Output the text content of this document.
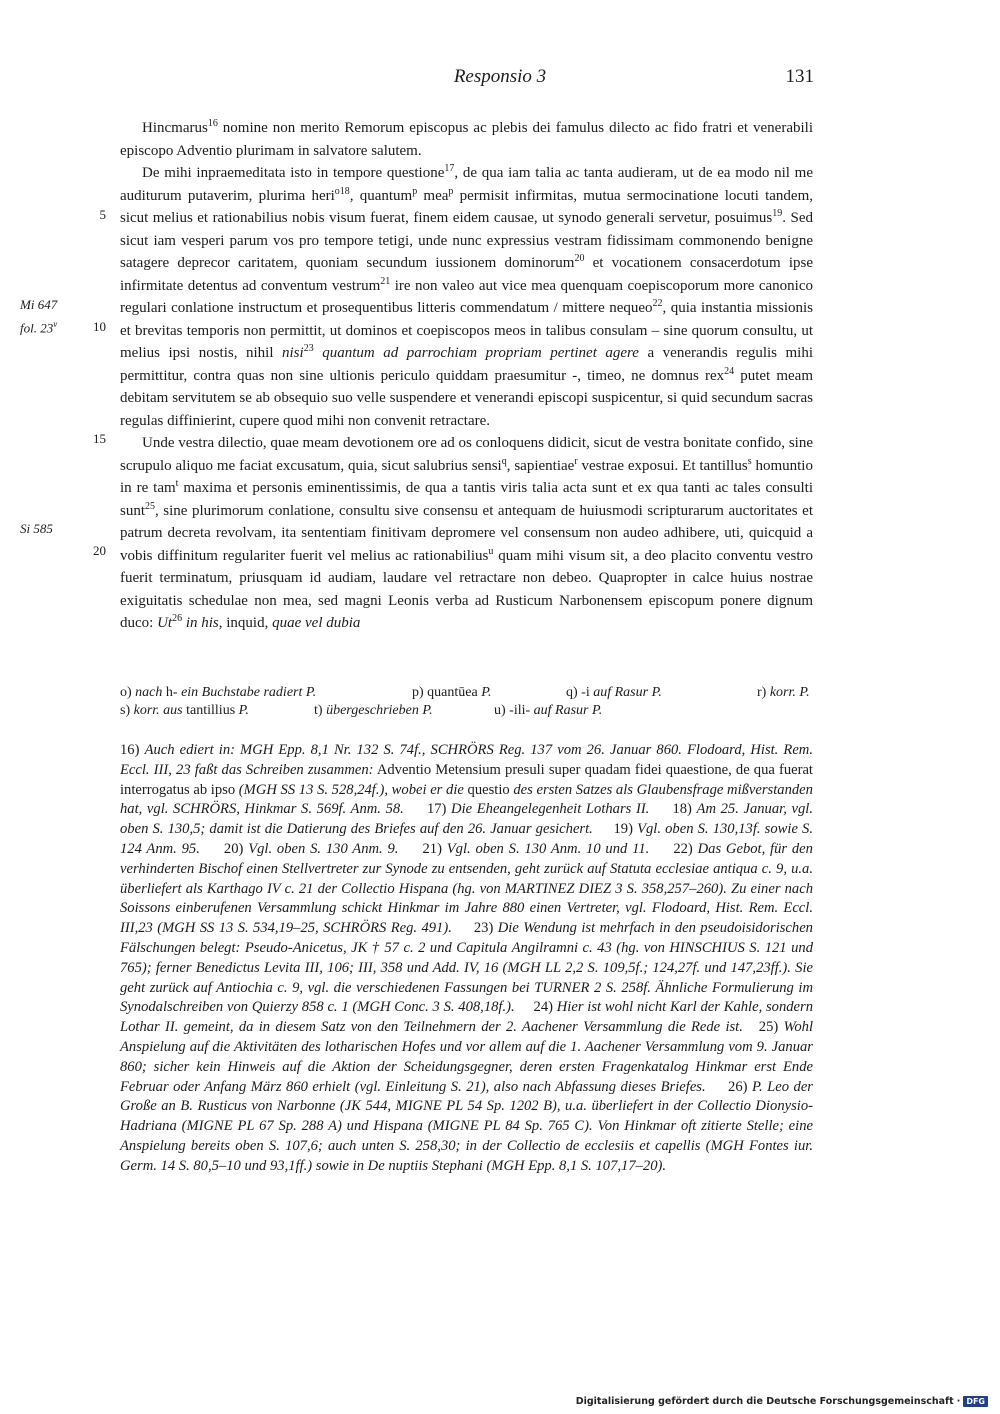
Responsio 3	131
5
10
15
20
Mi 647
fol. 23$^v$
Si 585

Hincmarus$^{16}$ nomine non merito Remorum episcopus ac plebis dei famulus dilecto ac fido fratri et venerabili episcopo Adventio plurimam in salvatore salutem.

De mihi inpraemeditata isto in tempore questione$^{17}$, de qua iam talia ac tanta audieram, ut de ea modo nil me auditurum putaverim, plurima heri$^{o18}$, quantum$^p$ mea$^p$ permisit infirmitas, mutua sermocinatione locuti tandem, sicut melius et rationabilius nobis visum fuerat, finem eidem causae, ut synodo generali servetur, posuimus$^{19}$. Sed sicut iam vesperi parum vos pro tempore tetigi, unde nunc expressius vestram fidissimam commonendo benigne satagere deprecor caritatem, quoniam secundum iussionem dominorum$^{20}$ et vocationem consacerdotum ipse infirmitate detentus ad conventum vestrum$^{21}$ ire non valeo aut vice mea quenquam coepiscoporum more canonico regulari conlatione instructum et prosequentibus litteris commendatum / mittere nequeo$^{22}$, quia instantia missionis et brevitas temporis non permittit, ut dominos et coepiscopos meos in talibus consulam – sine quorum consultu, ut melius ipsi nostis, nihil nisi$^{23}$ quantum ad parrochiam propriam pertinet agere a venerandis regulis mihi permittitur, contra quas non sine ultionis periculo quiddam praesumitur -, timeo, ne domnus rex$^{24}$ putet meam debitam servitutem se ab obsequio suo velle suspendere et venerandi episcopi suspicentur, si quid secundum sacras regulas diffinierint, cupere quod mihi non convenit retractare.

Unde vestra dilectio, quae meam devotionem ore ad os conloquens didicit, sicut de vestra bonitate confido, sine scrupulo aliquo me faciat excusatum, quia, sicut salubrius sensi$^q$, sapientiae$^r$ vestrae exposui. Et tantillus$^s$ homuntio in re tam$^t$ maxima et personis eminentissimis, de qua a tantis viris talia acta sunt et ex qua tanti ac tales consulti sunt$^{25}$, sine plurimorum conlatione, consultu sive consensu et antequam de huiusmodi scripturarum auctoritates et patrum decreta revolvam, ita sententiam finitivam depromere vel consensum non audeo adhibere, uti, quicquid a vobis diffinitum regulariter fuerit vel melius ac rationabilius$^u$ quam mihi visum sit, a deo placito conventu vestro fuerit terminatum, priusquam id audiam, laudare vel retractare non debeo. Quapropter in calce huius nostrae exiguitatis schedulae non mea, sed magni Leonis verba ad Rusticum Narbonensem episcopum ponere dignum duco: Ut$^{26}$ in his, inquid, quae vel dubia

o) nach h- ein Buchstabe radiert P.	p) quantūea P.	q) -i auf Rasur P.	r) korr. P.
s) korr. aus tantillius P.	t) übergeschrieben P.	u) -ili- auf Rasur P.
16) Auch ediert in: MGH Epp. 8,1 Nr. 132 S. 74f., SCHRÖRS Reg. 137 vom 26. Januar 860. Flodoard, Hist. Rem. Eccl. III, 23 faßt das Schreiben zusammen: Adventio Metensium presuli super quadam fidei quaestione, de qua fuerat interrogatus ab ipso (MGH SS 13 S. 528,24f.), wobei er die questio des ersten Satzes als Glaubensfrage mißverstanden hat, vgl. SCHRÖRS, Hinkmar S. 569f. Anm. 58. 17) Die Eheangelegenheit Lothars II. 18) Am 25. Januar, vgl. oben S. 130,5; damit ist die Datierung des Briefes auf den 26. Januar gesichert. 19) Vgl. oben S. 130,13f. sowie S. 124 Anm. 95. 20) Vgl. oben S. 130 Anm. 9. 21) Vgl. oben S. 130 Anm. 10 und 11. 22) Das Gebot, für den verhinderten Bischof einen Stellvertreter zur Synode zu entsenden, geht zurück auf Statuta ecclesiae antiqua c. 9, u.a. überliefert als Karthago IV c. 21 der Collectio Hispana (hg. von MARTINEZ DIEZ 3 S. 358,257–260). Zu einer nach Soissons einberufenen Versammlung schickt Hinkmar im Jahre 880 einen Vertreter, vgl. Flodoard, Hist. Rem. Eccl. III,23 (MGH SS 13 S. 534,19–25, SCHRÖRS Reg. 491). 23) Die Wendung ist mehrfach in den pseudoisidorischen Fälschungen belegt: Pseudo-Anicetus, JK † 57 c. 2 und Capitula Angilramni c. 43 (hg. von HINSCHIUS S. 121 und 765); ferner Benedictus Levita III, 106; III, 358 und Add. IV, 16 (MGH LL 2,2 S. 109,5f.; 124,27f. und 147,23ff.). Sie geht zurück auf Antiochia c. 9, vgl. die verschiedenen Fassungen bei TURNER 2 S. 258f. Ähnliche Formulierung im Synodalschreiben von Quierzy 858 c. 1 (MGH Conc. 3 S. 408,18f.). 24) Hier ist wohl nicht Karl der Kahle, sondern Lothar II. gemeint, da in diesem Satz von den Teilnehmern der 2. Aachener Versammlung die Rede ist. 25) Wohl Anspielung auf die Aktivitäten des lotharischen Hofes und vor allem auf die 1. Aachener Versammlung vom 9. Januar 860; sicher kein Hinweis auf die Aktion der Scheidungsgegner, deren ersten Fragenkatalog Hinkmar erst Ende Februar oder Anfang März 860 erhielt (vgl. Einleitung S. 21), also nach Abfassung dieses Briefes. 26) P. Leo der Große an B. Rusticus von Narbonne (JK 544, MIGNE PL 54 Sp. 1202 B), u.a. überliefert in der Collectio Dionysio-Hadriana (MIGNE PL 67 Sp. 288 A) und Hispana (MIGNE PL 84 Sp. 765 C). Von Hinkmar oft zitierte Stelle; eine Anspielung bereits oben S. 107,6; auch unten S. 258,30; in der Collectio de ecclesiis et capellis (MGH Fontes iur. Germ. 14 S. 80,5–10 und 93,1ff.) sowie in De nuptiis Stephani (MGH Epp. 8,1 S. 107,17–20).
Digitalisierung gefördert durch die Deutsche Forschungsgemeinschaft · DFG
